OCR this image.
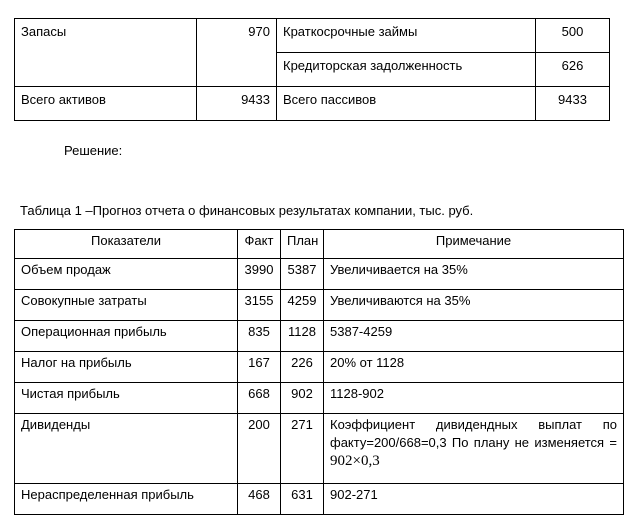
Запасы	970	Краткосрочные займы	500
		Кредиторская задолженность	626
Всего активов	9433	Всего пассивов	9433

Решение:

Таблица 1 –Прогноз отчета о финансовых результатах компании, тыс. руб.

Показатели	Факт	План	Примечание
Объем продаж	3990	5387	Увеличивается на 35%
Совокупные затраты	3155	4259	Увеличиваются на 35%
Операционная прибыль	835	1128	5387-4259
Налог на прибыль	167	226	20% от 1128
Чистая прибыль	668	902	1128-902
Дивиденды	200	271	Коэффициент дивидендных выплат по факту=200/668=0,3 По плану не изменяется = 902×0,3
Нераспределенная прибыль	468	631	902-271
